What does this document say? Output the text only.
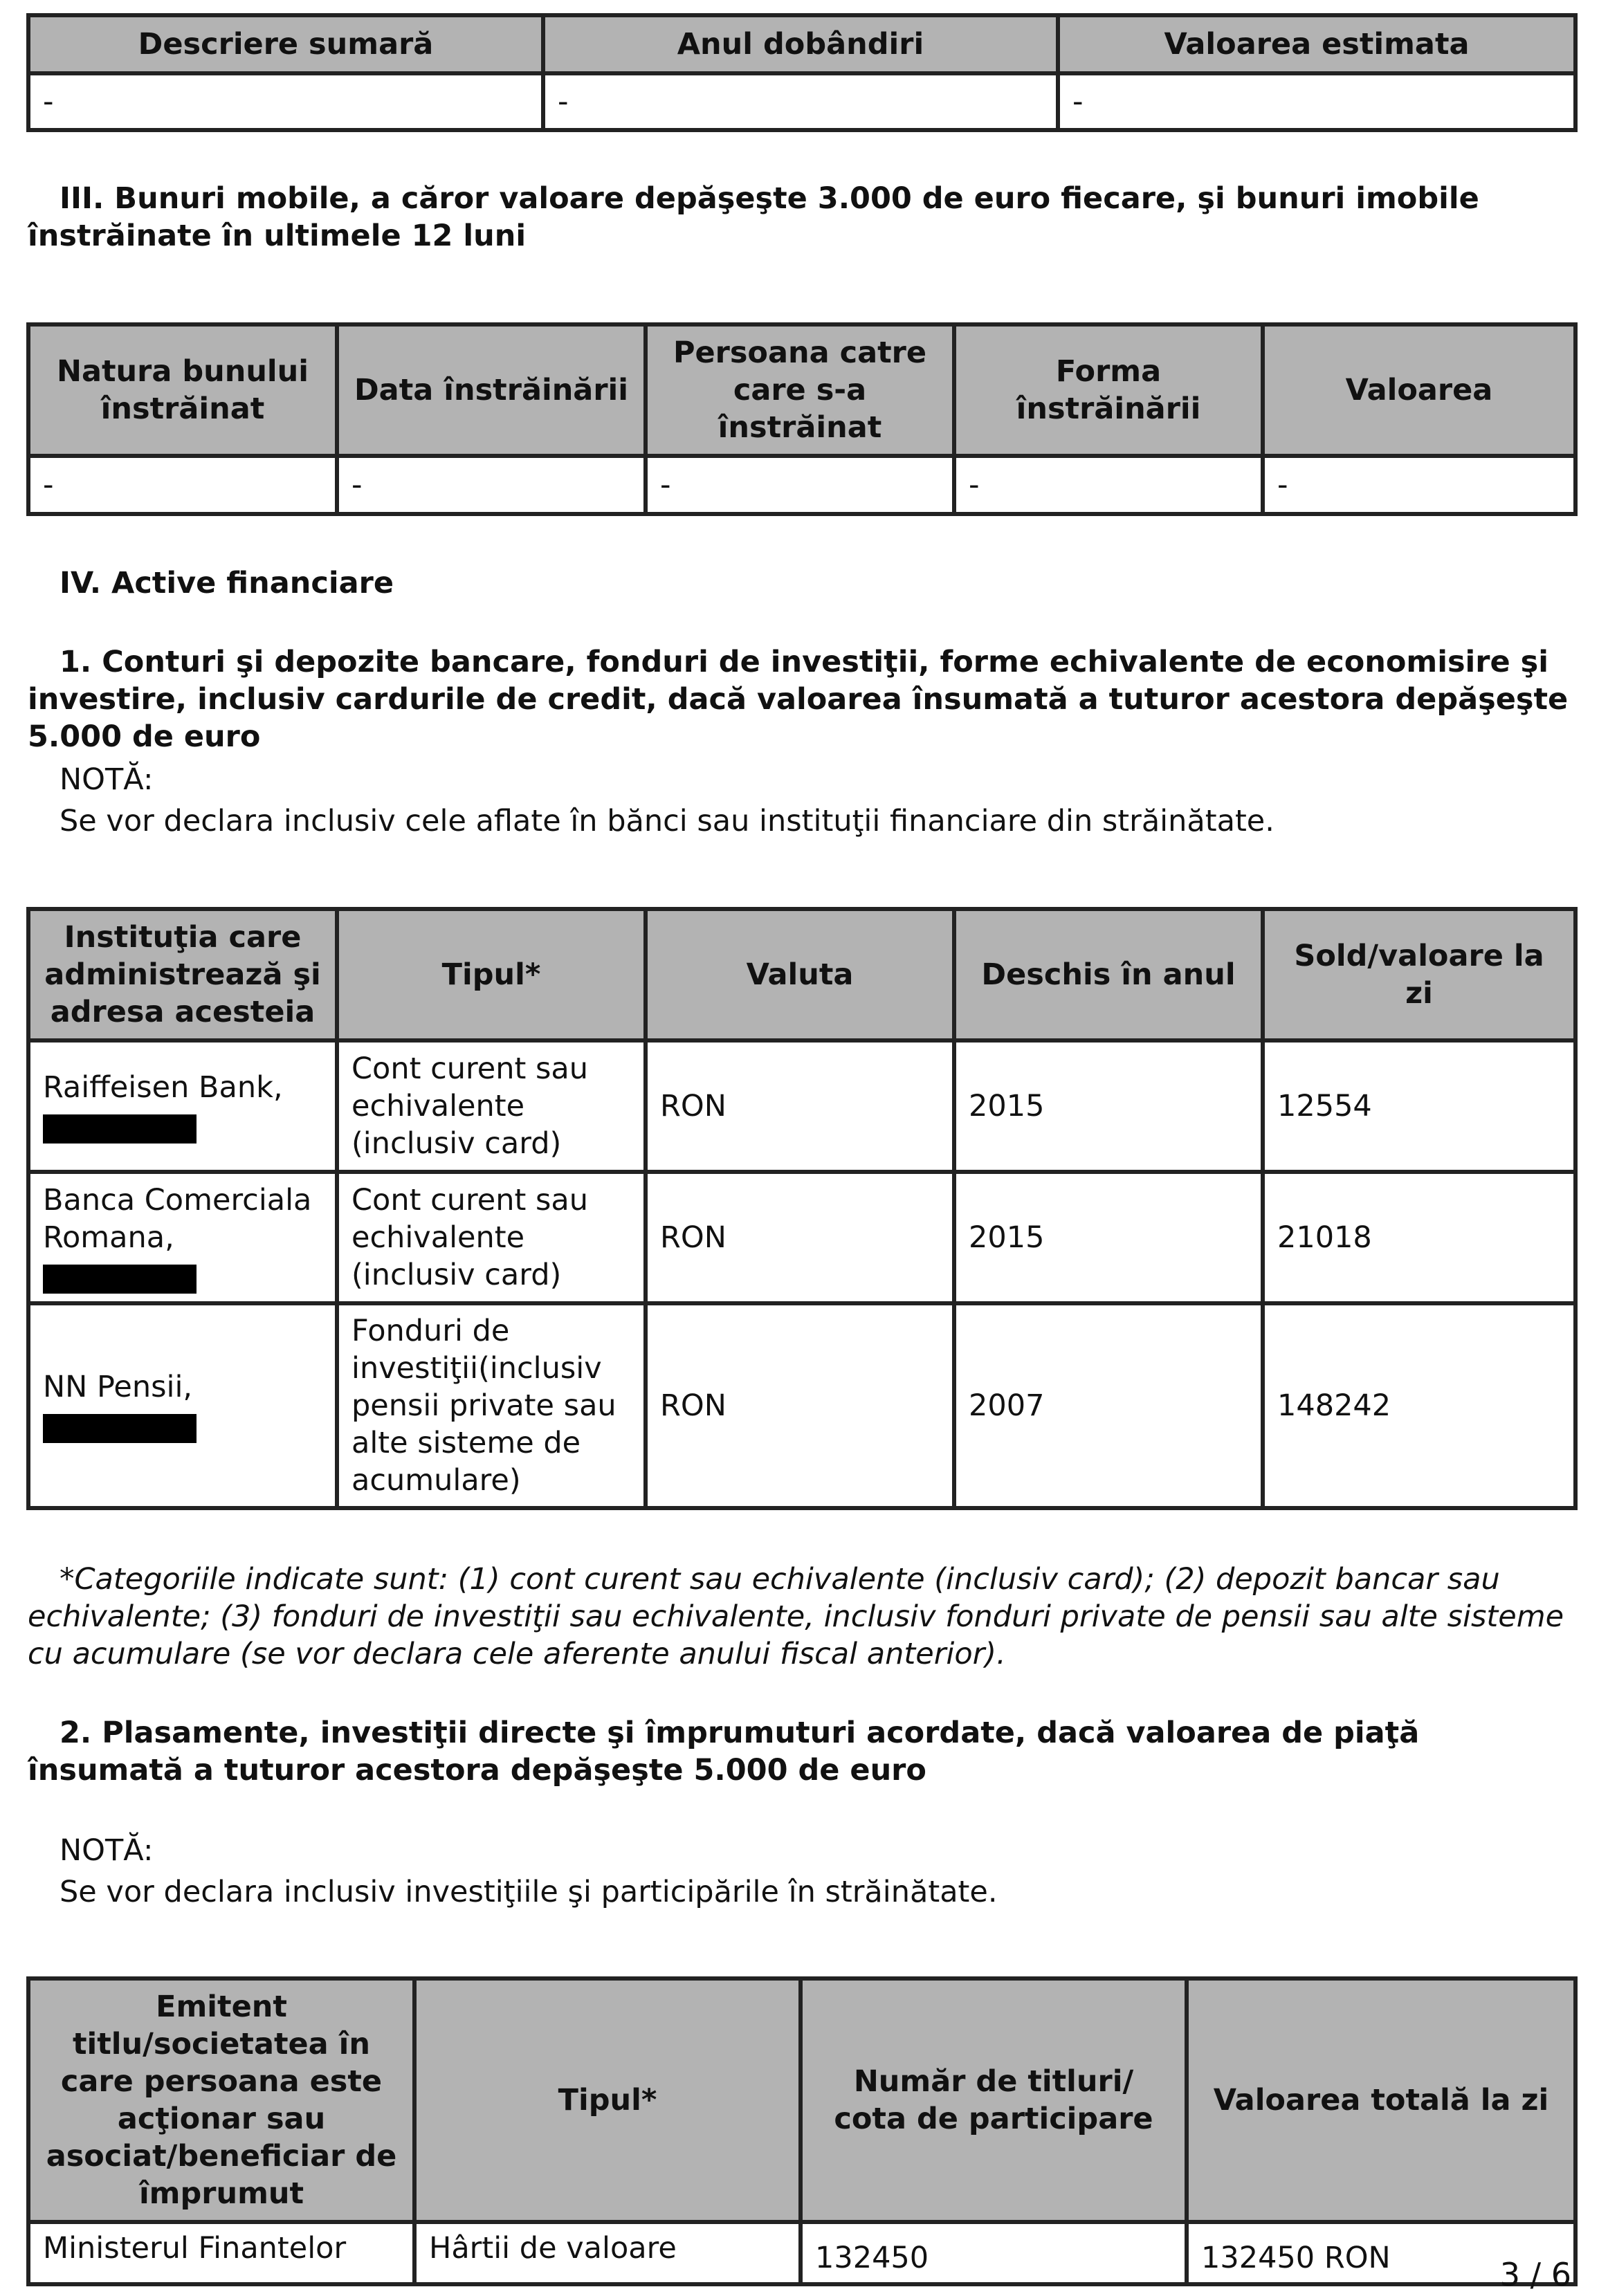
Descriere sumară	Anul dobândiri	Valoarea estimata
-	-	-
III. Bunuri mobile, a căror valoare depăşeşte 3.000 de euro fiecare, şi bunuri imobile înstrăinate în ultimele 12 luni
Natura bunului înstrăinat	Data înstrăinării	Persoana catre care s-a înstrăinat	Forma înstrăinării	Valoarea
-	-	-	-	-
IV. Active financiare
1. Conturi şi depozite bancare, fonduri de investiţii, forme echivalente de economisire şi investire, inclusiv cardurile de credit, dacă valoarea însumată a tuturor acestora depăşeşte 5.000 de euro
NOTĂ:
Se vor declara inclusiv cele aflate în bănci sau instituţii financiare din străinătate.
Instituţia care administrează şi adresa acesteia	Tipul*	Valuta	Deschis în anul	Sold/valoare la zi

Raiffeisen Bank,	Cont curent sau echivalente (inclusiv card)	RON	2015	12554

Banca Comerciala Romana,	Cont curent sau echivalente (inclusiv card)	RON	2015	21018

NN Pensii,	Fonduri de investiţii(inclusiv pensii private sau alte sisteme de acumulare)	RON	2007	148242
*Categoriile indicate sunt: (1) cont curent sau echivalente (inclusiv card); (2) depozit bancar sau echivalente; (3) fonduri de investiţii sau echivalente, inclusiv fonduri private de pensii sau alte sisteme cu acumulare (se vor declara cele aferente anului fiscal anterior).
2. Plasamente, investiţii directe şi împrumuturi acordate, dacă valoarea de piaţă însumată a tuturor acestora depăşeşte 5.000 de euro
NOTĂ:
Se vor declara inclusiv investiţiile şi participările în străinătate.
Emitent titlu/societatea în care persoana este acţionar sau asociat/beneficiar de împrumut	Tipul*	Număr de titluri/ cota de participare	Valoarea totală la zi
Ministerul Finantelor	Hârtii de valoare	132450	132450 RON	3 / 6
